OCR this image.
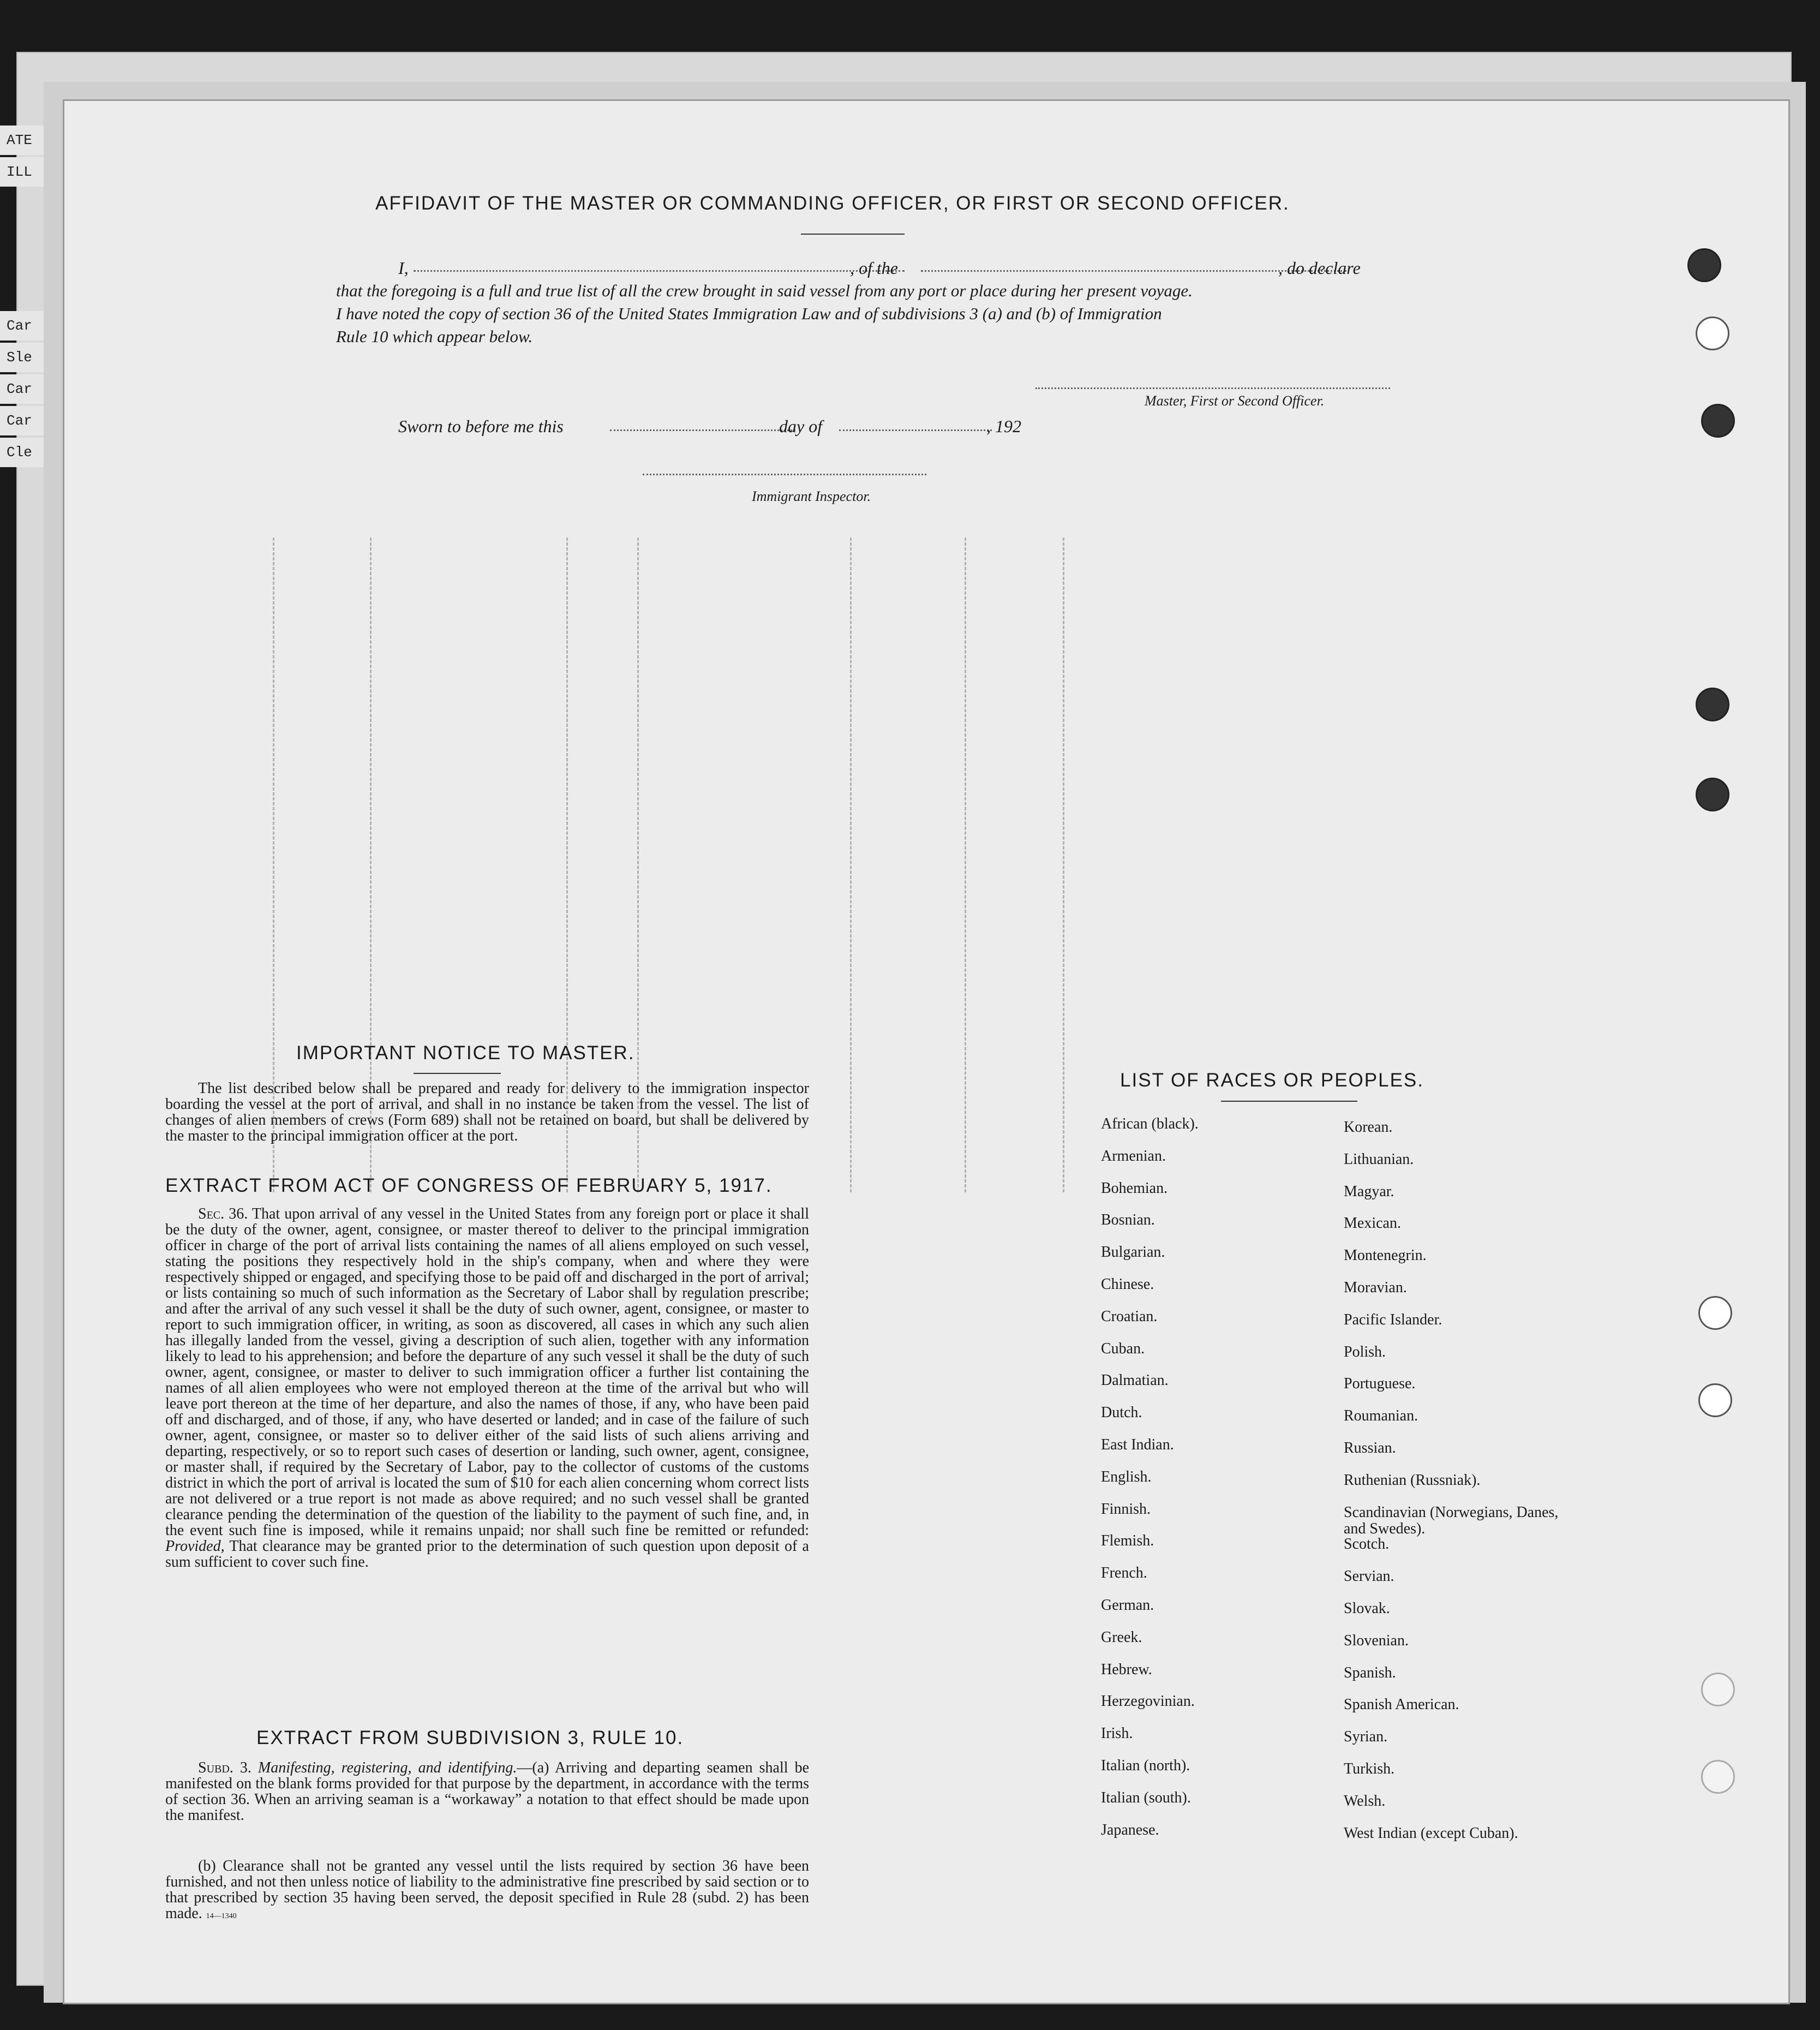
ATE
ILL
Car
Sle
Car
Car
Cle
AFFIDAVIT OF THE MASTER OR COMMANDING OFFICER, OR FIRST OR SECOND OFFICER.
I,	, of the	, do declare
that the foregoing is a full and true list of all the crew brought in said vessel from any port or place during her present voyage.
I have noted the copy of section 36 of the United States Immigration Law and of subdivisions 3 (a) and (b) of Immigration
Rule 10 which appear below.
Master, First or Second Officer.
Sworn to before me this	day of	, 192
Immigrant Inspector.
IMPORTANT NOTICE TO MASTER.
The list described below shall be prepared and ready for delivery to the immigration inspector boarding the vessel at the port of arrival, and shall in no instance be taken from the vessel. The list of changes of alien members of crews (Form 689) shall not be retained on board, but shall be delivered by the master to the principal immigration officer at the port.
EXTRACT FROM ACT OF CONGRESS OF FEBRUARY 5, 1917.
Sec. 36. That upon arrival of any vessel in the United States from any foreign port or place it shall be the duty of the owner, agent, consignee, or master thereof to deliver to the principal immigration officer in charge of the port of arrival lists containing the names of all aliens employed on such vessel, stating the positions they respectively hold in the ship's company, when and where they were respectively shipped or engaged, and specifying those to be paid off and discharged in the port of arrival; or lists containing so much of such information as the Secretary of Labor shall by regulation prescribe; and after the arrival of any such vessel it shall be the duty of such owner, agent, consignee, or master to report to such immigration officer, in writing, as soon as discovered, all cases in which any such alien has illegally landed from the vessel, giving a description of such alien, together with any information likely to lead to his apprehension; and before the departure of any such vessel it shall be the duty of such owner, agent, consignee, or master to deliver to such immigration officer a further list containing the names of all alien employees who were not employed thereon at the time of the arrival but who will leave port thereon at the time of her departure, and also the names of those, if any, who have been paid off and discharged, and of those, if any, who have deserted or landed; and in case of the failure of such owner, agent, consignee, or master so to deliver either of the said lists of such aliens arriving and departing, respectively, or so to report such cases of desertion or landing, such owner, agent, consignee, or master shall, if required by the Secretary of Labor, pay to the collector of customs of the customs district in which the port of arrival is located the sum of $10 for each alien concerning whom correct lists are not delivered or a true report is not made as above required; and no such vessel shall be granted clearance pending the determination of the question of the liability to the payment of such fine, and, in the event such fine is imposed, while it remains unpaid; nor shall such fine be remitted or refunded: Provided, That clearance may be granted prior to the determination of such question upon deposit of a sum sufficient to cover such fine.
EXTRACT FROM SUBDIVISION 3, RULE 10.
Subd. 3. Manifesting, registering, and identifying.—(a) Arriving and departing seamen shall be manifested on the blank forms provided for that purpose by the department, in accordance with the terms of section 36. When an arriving seaman is a “workaway” a notation to that effect should be made upon the manifest.
(b) Clearance shall not be granted any vessel until the lists required by section 36 have been furnished, and not then unless notice of liability to the administrative fine prescribed by said section or to that prescribed by section 35 having been served, the deposit specified in Rule 28 (subd. 2) has been made. 14—1340
LIST OF RACES OR PEOPLES.
African (black).
Armenian.
Bohemian.
Bosnian.
Bulgarian.
Chinese.
Croatian.
Cuban.
Dalmatian.
Dutch.
East Indian.
English.
Finnish.
Flemish.
French.
German.
Greek.
Hebrew.
Herzegovinian.
Irish.
Italian (north).
Italian (south).
Japanese.
Korean.
Lithuanian.
Magyar.
Mexican.
Montenegrin.
Moravian.
Pacific Islander.
Polish.
Portuguese.
Roumanian.
Russian.
Ruthenian (Russniak).
Scandinavian (Norwegians, Danes, and Swedes).
Scotch.
Servian.
Slovak.
Slovenian.
Spanish.
Spanish American.
Syrian.
Turkish.
Welsh.
West Indian (except Cuban).
